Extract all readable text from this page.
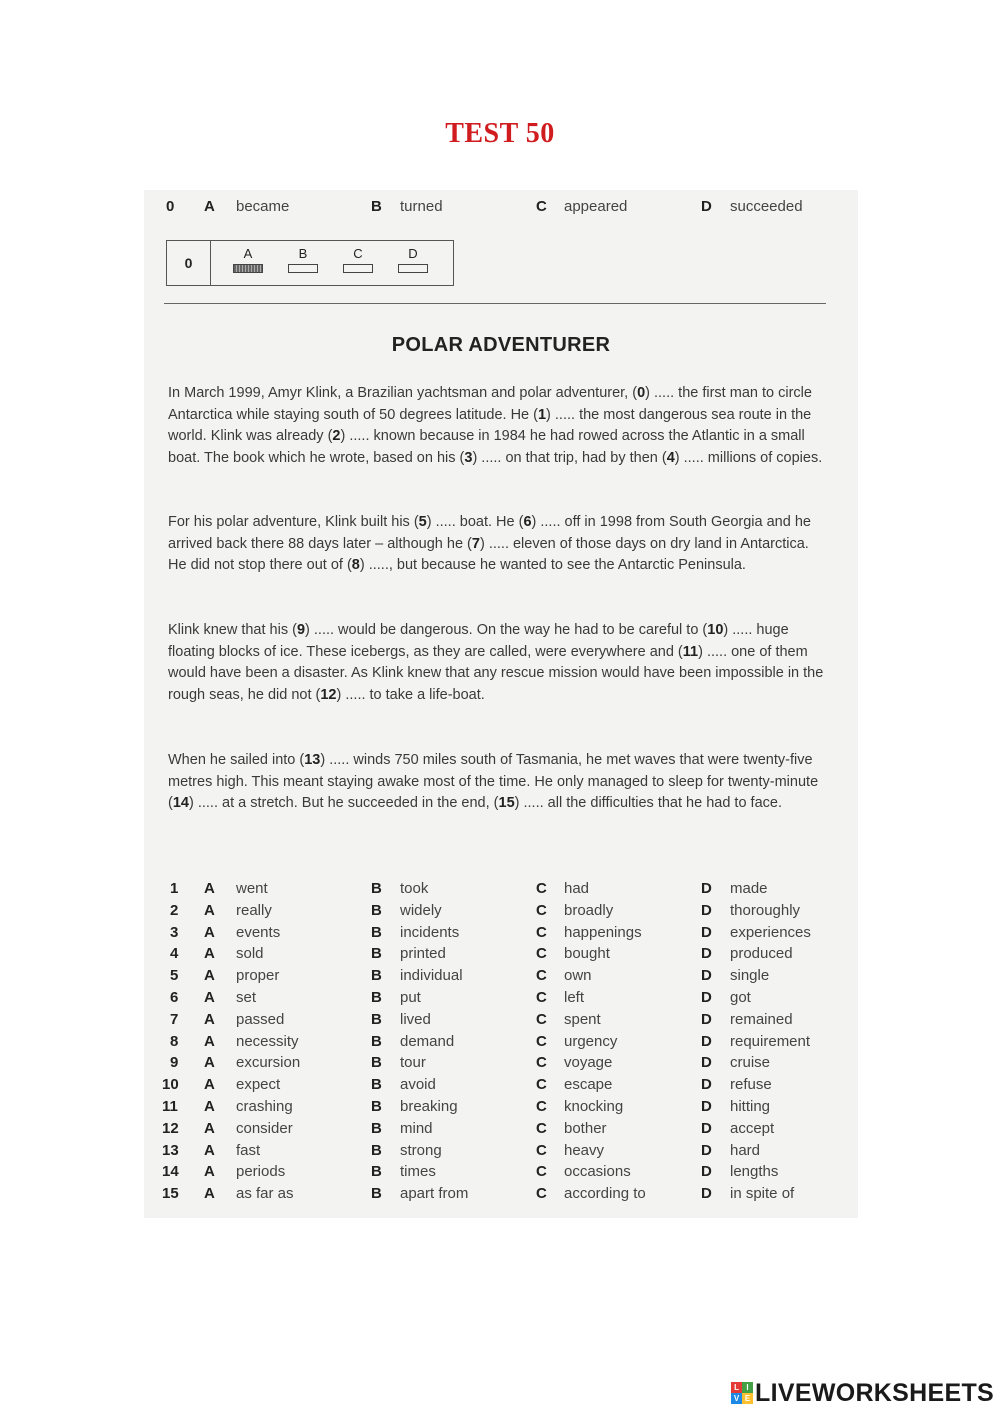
TEST 50
0 A became	B turned	C appeared	D succeeded
0
A	B	C	D
POLAR ADVENTURER

In March 1999, Amyr Klink, a Brazilian yachtsman and polar adventurer, (0) ..... the first man to circle Antarctica while staying south of 50 degrees latitude. He (1) ..... the most dangerous sea route in the world. Klink was already (2) ..... known because in 1984 he had rowed across the Atlantic in a small boat. The book which he wrote, based on his (3) ..... on that trip, had by then (4) ..... millions of copies.

For his polar adventure, Klink built his (5) ..... boat. He (6) ..... off in 1998 from South Georgia and he arrived back there 88 days later – although he (7) ..... eleven of those days on dry land in Antarctica. He did not stop there out of (8) ....., but because he wanted to see the Antarctic Peninsula.

Klink knew that his (9) ..... would be dangerous. On the way he had to be careful to (10) ..... huge floating blocks of ice. These icebergs, as they are called, were everywhere and (11) ..... one of them would have been a disaster. As Klink knew that any rescue mission would have been impossible in the rough seas, he did not (12) ..... to take a life-boat.

When he sailed into (13) ..... winds 750 miles south of Tasmania, he met waves that were twenty-five metres high. This meant staying awake most of the time. He only managed to sleep for twenty-minute (14) ..... at a stretch. But he succeeded in the end, (15) ..... all the difficulties that he had to face.

1 A went	B took	C had	D made
2 A really	B widely	C broadly	D thoroughly
3 A events	B incidents	C happenings	D experiences
4 A sold	B printed	C bought	D produced
5 A proper	B individual	C own	D single
6 A set	B put	C left	D got
7 A passed	B lived	C spent	D remained
8 A necessity	B demand	C urgency	D requirement
9 A excursion	B tour	C voyage	D cruise
10 A expect	B avoid	C escape	D refuse
11 A crashing	B breaking	C knocking	D hitting
12 A consider	B mind	C bother	D accept
13 A fast	B strong	C heavy	D hard
14 A periods	B times	C occasions	D lengths
15 A as far as	B apart from	C according to	D in spite of
L I
V E LIVEWORKSHEETS
